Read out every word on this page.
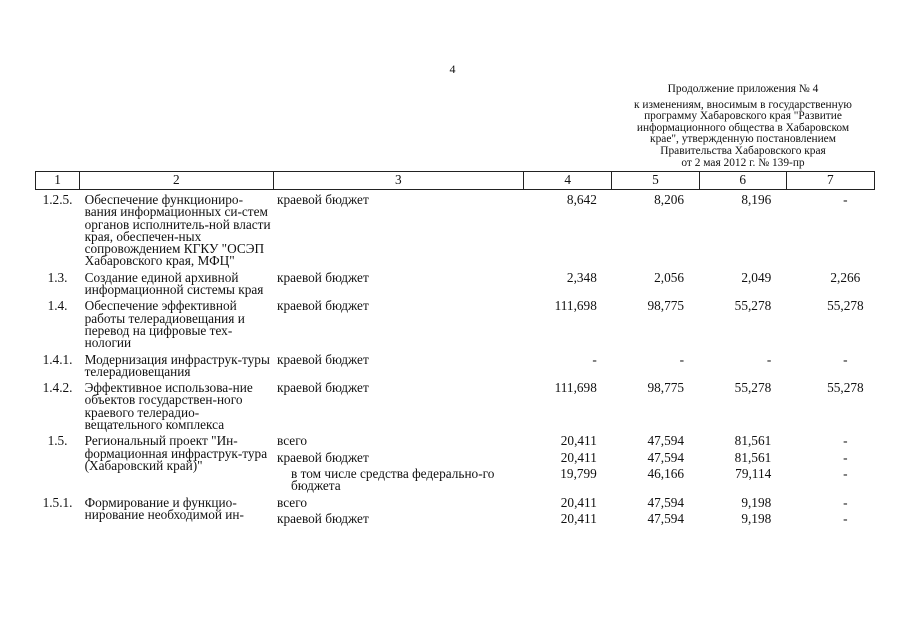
4
Продолжение приложения № 4
к изменениям, вносимым в государственную
программу Хабаровского края "Развитие
информационного общества в Хабаровском
крае", утвержденную постановлением
Правительства Хабаровского края
от 2 мая 2012 г. № 139-пр
1	2	3	4	5	6	7
1.2.5.	Обеспечение функциониро-вания информационных си-стем органов исполнитель-ной власти края, обеспечен-ных сопровождением КГКУ "ОСЭП Хабаровского края, МФЦ"	краевой бюджет	8,642	8,206	8,196	-
1.3.	Создание единой архивной информационной системы края	краевой бюджет	2,348	2,056	2,049	2,266
1.4.	Обеспечение эффективной работы телерадиовещания и перевод на цифровые тех-нологии	краевой бюджет	111,698	98,775	55,278	55,278
1.4.1.	Модернизация инфраструк-туры телерадиовещания	краевой бюджет	-	-	-	-
1.4.2.	Эффективное использова-ние объектов государствен-ного краевого телерадио-вещательного комплекса	краевой бюджет	111,698	98,775	55,278	55,278
1.5.	Региональный проект "Ин-формационная инфраструк-тура (Хабаровский край)"	всего	20,411	47,594	81,561	-
		краевой бюджет	20,411	47,594	81,561	-
		в том числе средства федерально-го бюджета	19,799	46,166	79,114	-
1.5.1.	Формирование и функцио-нирование необходимой ин-	всего	20,411	47,594	9,198	-
		краевой бюджет	20,411	47,594	9,198	-
